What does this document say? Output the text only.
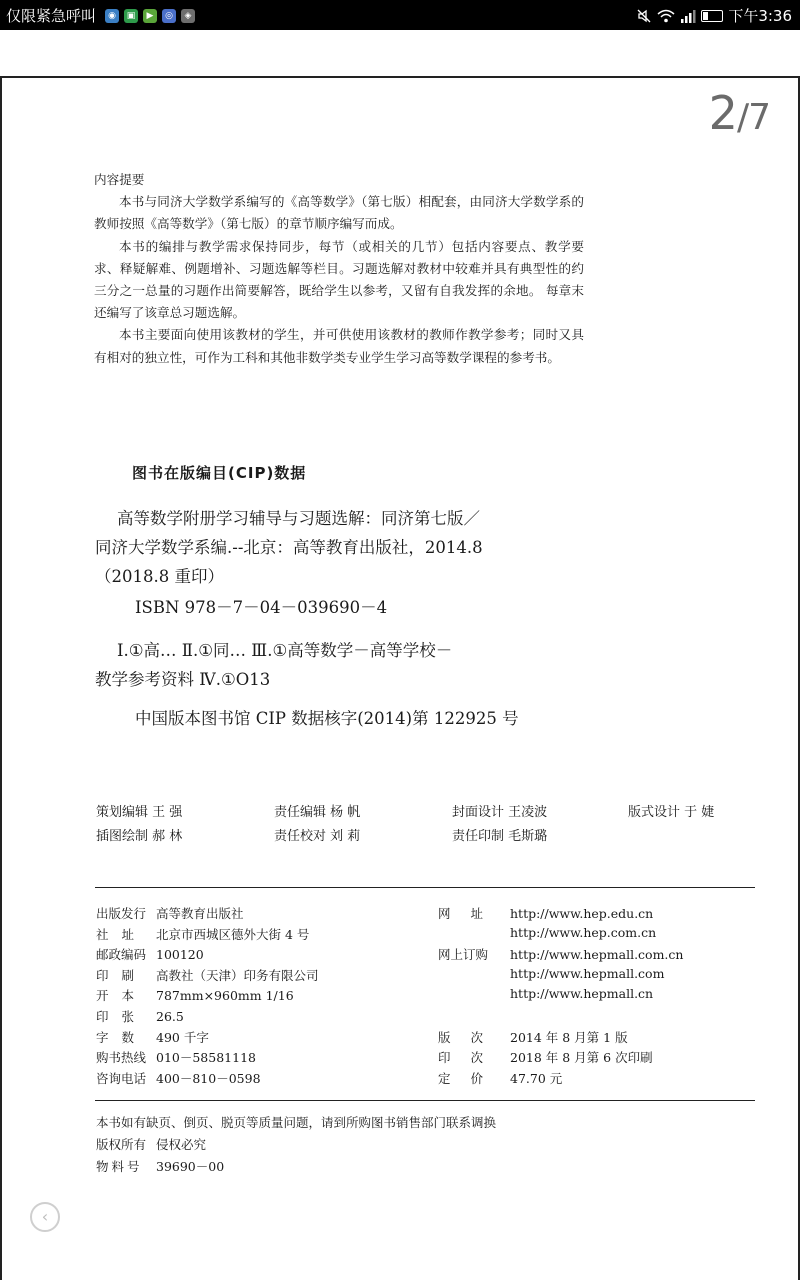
仅限紧急呼叫	◉	▣	▶	◎	◈	下午3:36
2/7
内容提要
本书与同济大学数学系编写的《高等数学》（第七版）相配套，由同济大学数学系的教师按照《高等数学》（第七版）的章节顺序编写而成。
本书的编排与教学需求保持同步，每节（或相关的几节）包括内容要点、教学要求、释疑解难、例题增补、习题选解等栏目。习题选解对教材中较难并具有典型性的约三分之一总量的习题作出简要解答，既给学生以参考，又留有自我发挥的余地。 每章末还编写了该章总习题选解。
本书主要面向使用该教材的学生，并可供使用该教材的教师作教学参考；同时又具有相对的独立性，可作为工科和其他非数学类专业学生学习高等数学课程的参考书。
图书在版编目(CIP)数据
高等数学附册学习辅导与习题选解：同济第七版／
同济大学数学系编.--北京：高等教育出版社，2014.8
（2018.8 重印）
ISBN 978－7－04－039690－4
Ⅰ.①高… Ⅱ.①同… Ⅲ.①高等数学－高等学校－
教学参考资料 Ⅳ.①O13
中国版本图书馆 CIP 数据核字(2014)第 122925 号
策划编辑 王 强	责任编辑 杨 帆	封面设计 王凌波	版式设计 于 婕
插图绘制 郝 林	责任校对 刘 莉	责任印制 毛斯璐
出版发行 高等教育出版社
社址 北京市西城区德外大街 4 号
邮政编码 100120
印刷 高教社（天津）印务有限公司
开本 787mm×960mm 1/16
印张 26.5
字数 490 千字
购书热线 010－58581118
咨询电话 400－810－0598
网址 http://www.hep.edu.cn
http://www.hep.com.cn
网上订购 http://www.hepmall.com.cn
http://www.hepmall.com
http://www.hepmall.cn
版次 2014 年 8 月第 1 版
印次 2018 年 8 月第 6 次印刷
定价 47.70 元
本书如有缺页、倒页、脱页等质量问题，请到所购图书销售部门联系调换
版权所有 侵权必究
物料号 39690－00
‹
